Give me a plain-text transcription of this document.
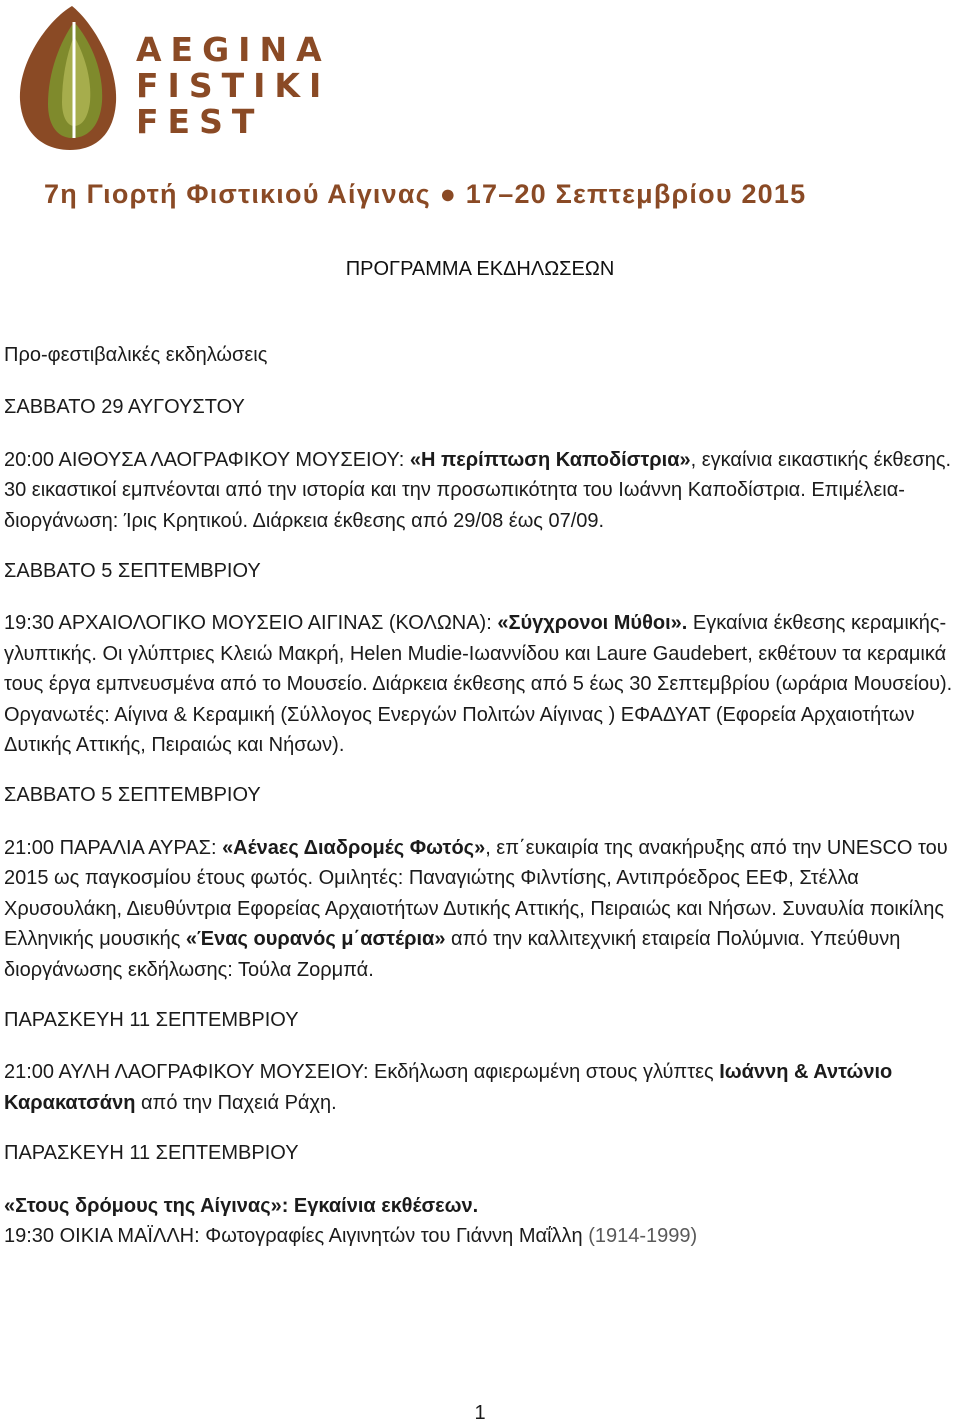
AEGINA
FISTIKI
FEST
7η Γιορτή Φιστικιού Αίγινας ● 17–20 Σεπτεμβρίου 2015
ΠΡΟΓΡΑΜΜΑ ΕΚΔΗΛΩΣΕΩΝ
Προ-φεστιβαλικές εκδηλώσεις
ΣΑΒΒΑΤΟ 29 ΑΥΓΟΥΣΤΟΥ

20:00 ΑΙΘΟΥΣΑ ΛΑΟΓΡΑΦΙΚΟΥ ΜΟΥΣΕΙΟΥ: «Η περίπτωση Καποδίστρια», εγκαίνια εικαστικής έκθεσης. 30 εικαστικοί εμπνέονται από την ιστορία και την προσωπικότητα του Ιωάννη Καποδίστρια. Επιμέλεια-διοργάνωση: Ίρις Κρητικού. Διάρκεια έκθεσης από 29/08 έως 07/09.

ΣΑΒΒΑΤΟ 5 ΣΕΠΤΕΜΒΡΙΟΥ

19:30 ΑΡΧΑΙΟΛΟΓΙΚΟ ΜΟΥΣΕΙΟ ΑΙΓΙΝΑΣ (ΚΟΛΩΝΑ): «Σύγχρονοι Μύθοι». Εγκαίνια έκθεσης κεραμικής-γλυπτικής. Οι γλύπτριες Κλειώ Μακρή, Helen Mudie-Ιωαννίδου και Laure Gaudebert, εκθέτουν τα κεραμικά τους έργα εμπνευσμένα από το Μουσείο. Διάρκεια έκθεσης από 5 έως 30 Σεπτεμβρίου (ωράρια Μουσείου). Οργανωτές: Αίγινα & Κεραμική (Σύλλογος Ενεργών Πολιτών Αίγινας ) ΕΦΑΔΥΑΤ (Εφορεία Αρχαιοτήτων Δυτικής Αττικής, Πειραιώς και Νήσων).

ΣΑΒΒΑΤΟ 5 ΣΕΠΤΕΜΒΡΙΟΥ

21:00 ΠΑΡΑΛΙΑ ΑΥΡΑΣ: «Αένaες Διαδρομές Φωτός», επ΄ευκαιρία της ανακήρυξης από την UNESCO του 2015 ως παγκοσμίου έτους φωτός. Ομιλητές: Παναγιώτης Φιλντίσης, Αντιπρόεδρος ΕΕΦ, Στέλλα Χρυσουλάκη, Διευθύντρια Εφορείας Αρχαιοτήτων Δυτικής Αττικής, Πειραιώς και Νήσων. Συναυλία ποικίλης Ελληνικής μουσικής «Ένας ουρανός μ΄αστέρια» από την καλλιτεχνική εταιρεία Πολύμνια. Υπεύθυνη διοργάνωσης εκδήλωσης: Τούλα Ζορμπά.

ΠΑΡΑΣΚΕΥΗ 11 ΣΕΠΤΕΜΒΡΙΟΥ

21:00 ΑΥΛΗ ΛΑΟΓΡΑΦΙΚΟΥ ΜΟΥΣΕΙΟΥ: Εκδήλωση αφιερωμένη στους γλύπτες Ιωάννη & Αντώνιο Καρακατσάνη από την Παχειά Ράχη.

ΠΑΡΑΣΚΕΥΗ 11 ΣΕΠΤΕΜΒΡΙΟΥ
«Στους δρόμους της Αίγινας»: Εγκαίνια εκθέσεων.

19:30 ΟΙΚΙΑ ΜΑΪΛΛΗ: Φωτογραφίες Αιγινητών του Γιάννη Μαΐλλη (1914-1999)

1
